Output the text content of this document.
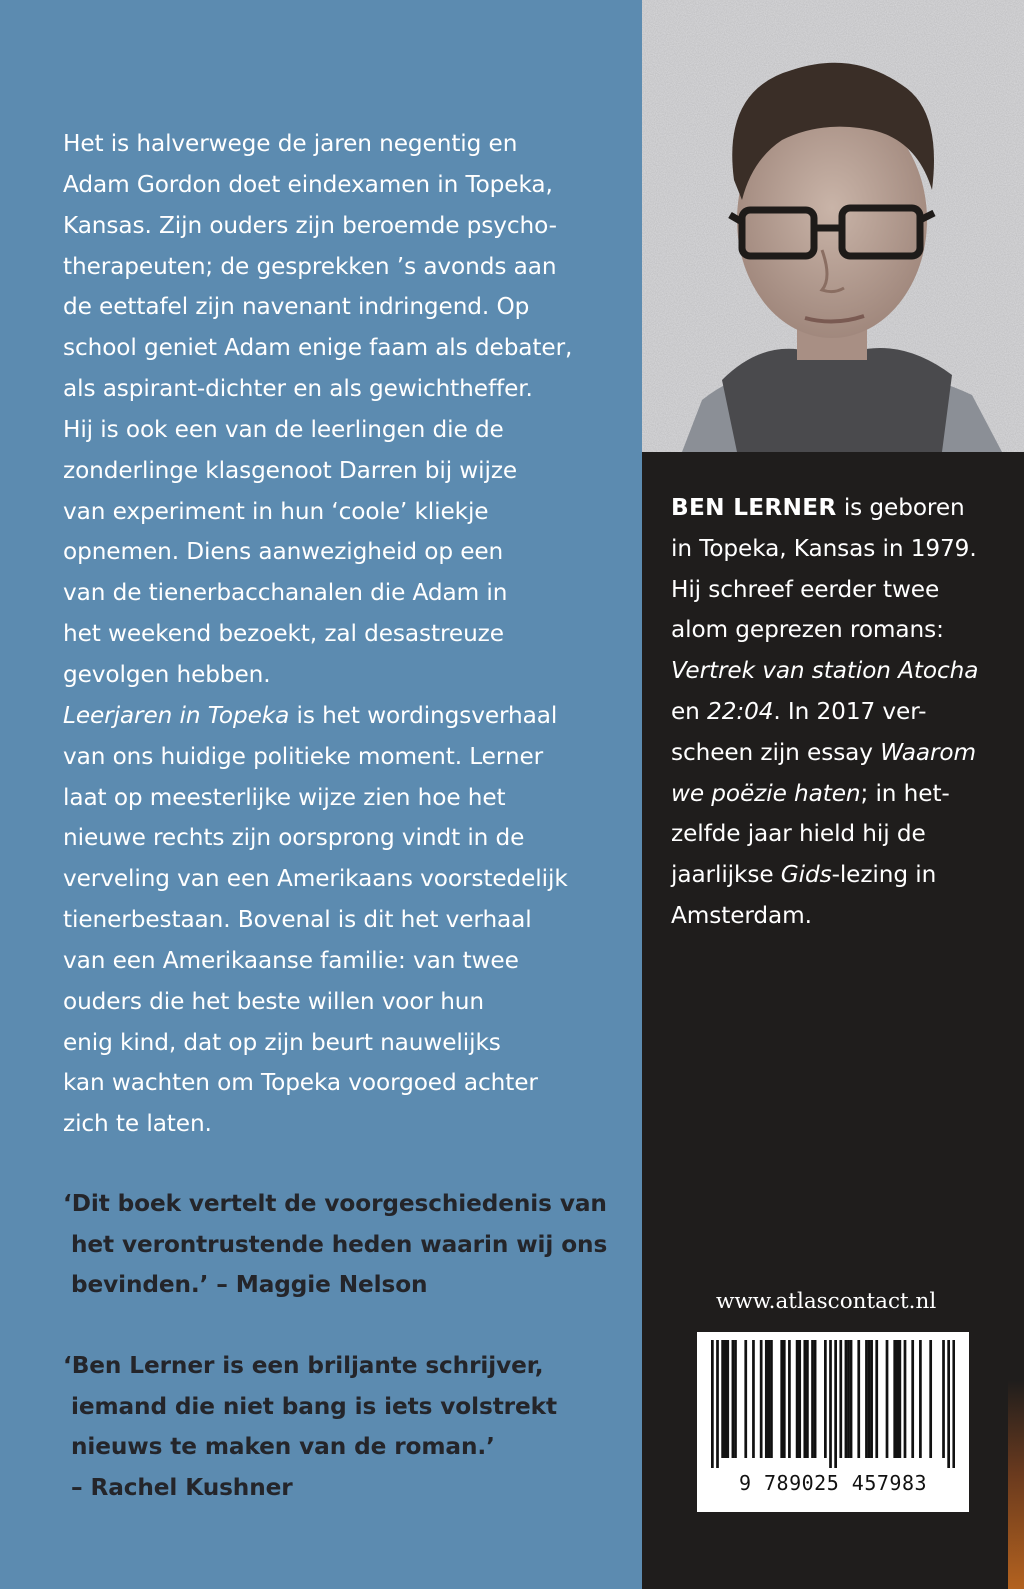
Het is halverwege de jaren negentig en

Adam Gordon doet eindexamen in Topeka,

Kansas. Zijn ouders zijn beroemde psycho-

therapeuten; de gesprekken ’s avonds aan

de eettafel zijn navenant indringend. Op

school geniet Adam enige faam als debater,

als aspirant-dichter en als gewichtheffer.

Hij is ook een van de leerlingen die de

zonderlinge klasgenoot Darren bij wijze

van experiment in hun ‘coole’ kliekje

opnemen. Diens aanwezigheid op een

van de tienerbacchanalen die Adam in

het weekend bezoekt, zal desastreuze

gevolgen hebben.

Leerjaren in Topeka is het wordingsverhaal

van ons huidige politieke moment. Lerner

laat op meesterlijke wijze zien hoe het

nieuwe rechts zijn oorsprong vindt in de

verveling van een Amerikaans voorstedelijk

tienerbestaan. Bovenal is dit het verhaal

van een Amerikaanse familie: van twee

ouders die het beste willen voor hun

enig kind, dat op zijn beurt nauwelijks

kan wachten om Topeka voorgoed achter

zich te laten.

‘Dit boek vertelt de voorgeschiedenis van

het verontrustende heden waarin wij ons

bevinden.’ – Maggie Nelson

‘Ben Lerner is een briljante schrijver,

iemand die niet bang is iets volstrekt

nieuws te maken van de roman.’

– Rachel Kushner

BEN LERNER is geboren

in Topeka, Kansas in 1979.

Hij schreef eerder twee

alom geprezen romans:

Vertrek van station Atocha

en 22:04. In 2017 ver-

scheen zijn essay Waarom

we poëzie haten; in het-

zelfde jaar hield hij de

jaarlijkse Gids-lezing in

Amsterdam.

www.atlascontact.nl
9 789025 457983
